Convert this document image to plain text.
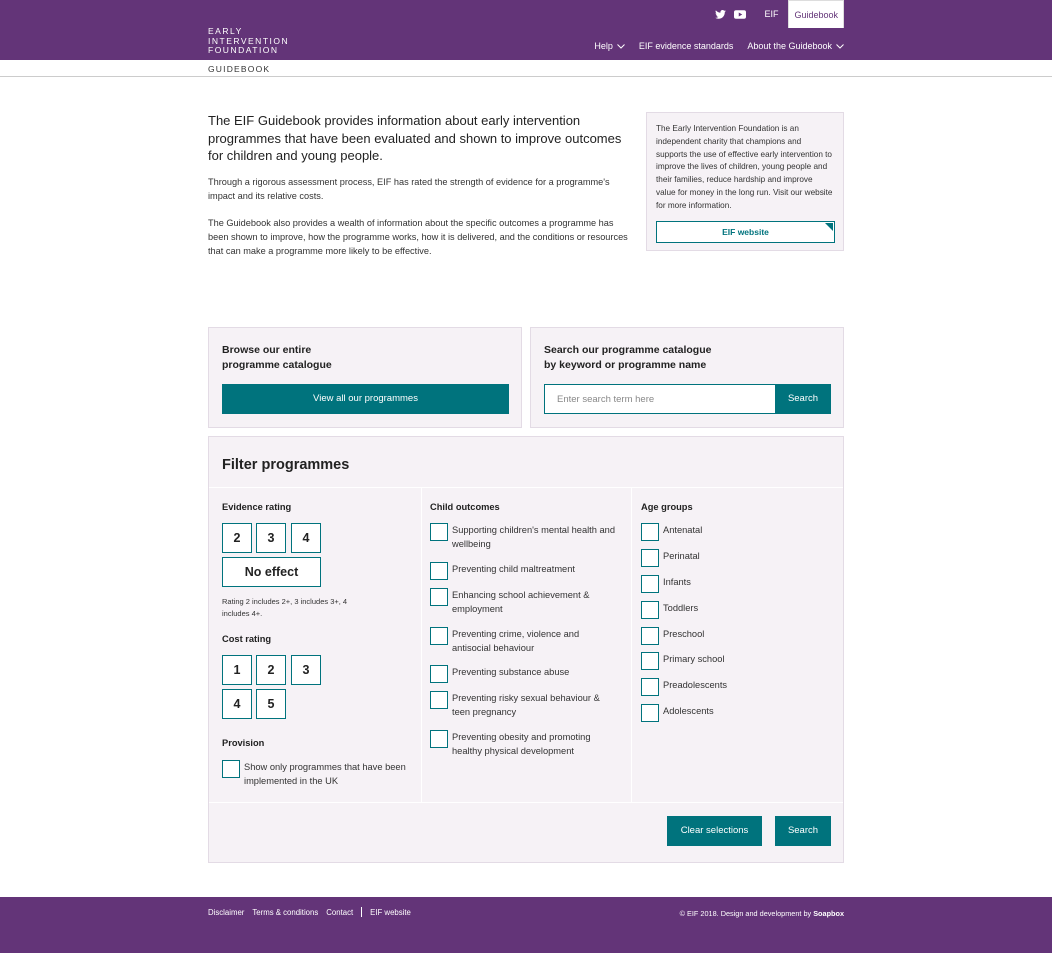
EARLY
INTERVENTION
FOUNDATION
EIF	Guidebook
Help	EIF evidence standards About the Guidebook
GUIDEBOOK
The EIF Guidebook provides information about early intervention programmes that have been evaluated and shown to improve outcomes for children and young people.

Through a rigorous assessment process, EIF has rated the strength of evidence for a programme's impact and its relative costs.

The Guidebook also provides a wealth of information about the specific outcomes a programme has been shown to improve, how the programme works, how it is delivered, and the conditions or resources that can make a programme more likely to be effective.

The Early Intervention Foundation is an independent charity that champions and supports the use of effective early intervention to improve the lives of children, young people and their families, reduce hardship and improve value for money in the long run. Visit our website for more information.

EIF website
Browse our entire
programme catalogue
View all our programmes
Search our programme catalogue
by keyword or programme name
Enter search term here
Search
Filter programmes
Evidence rating
2	3	4
No effect
Rating 2 includes 2+, 3 includes 3+, 4 includes 4+.
Cost rating
1	2	3
4	5
Provision
Show only programmes that have been implemented in the UK
Child outcomes
Supporting children's mental health and wellbeing
Preventing child maltreatment
Enhancing school achievement & employment
Preventing crime, violence and antisocial behaviour
Preventing substance abuse
Preventing risky sexual behaviour & teen pregnancy
Preventing obesity and promoting healthy physical development
Age groups
Antenatal
Perinatal
Infants
Toddlers
Preschool
Primary school
Preadolescents
Adolescents
Clear selections	Search
Disclaimer Terms & conditions Contact EIF website	© EIF 2018. Design and development by Soapbox
